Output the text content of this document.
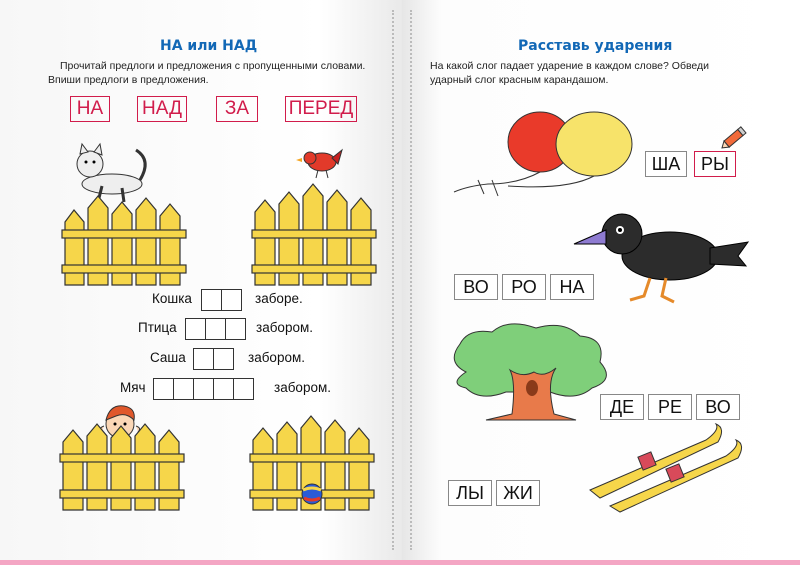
НА или НАД
Прочитай предлоги и предложения с пропущенными словами.
Впиши предлоги в предложения.
НА	НАД	ЗА	ПЕРЕД
Кошка	заборе.
Птица	забором.
Саша	забором.
Мяч	забором.
Расставь ударения
На какой слог падает ударение в каждом слове? Обведи
ударный слог красным карандашом.
ША	РЫ
ВО	РО	НА
ДЕ	РЕ	ВО
ЛЫ	ЖИ
